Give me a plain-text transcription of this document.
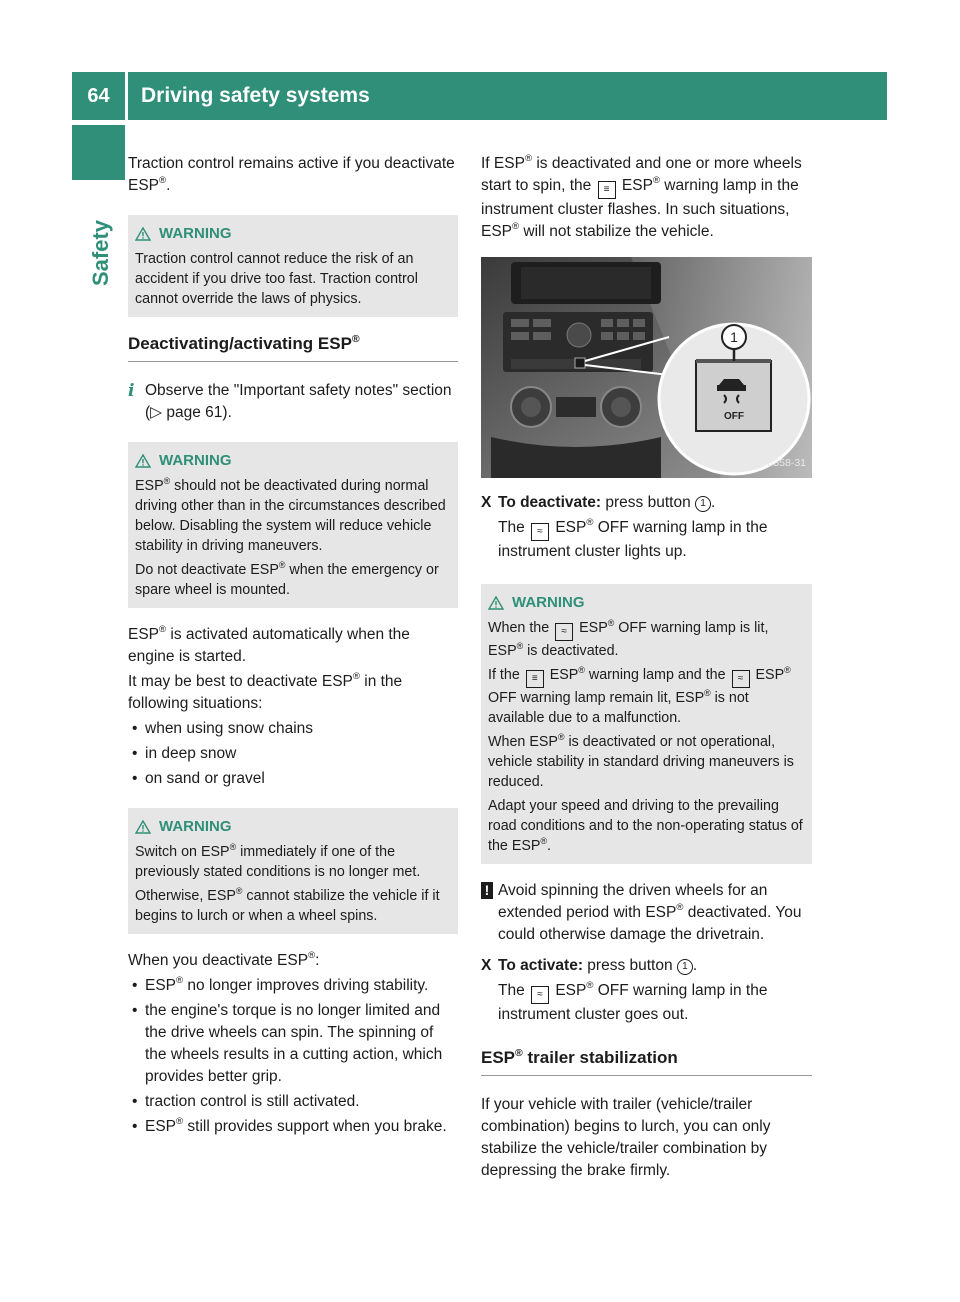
64	Driving safety systems
Safety

Traction control remains active if you deactivate ESP®.

WARNING

Traction control cannot reduce the risk of an accident if you drive too fast. Traction control cannot override the laws of physics.

Deactivating/activating ESP®
i Observe the "Important safety notes" section (▷ page 61).
WARNING

ESP® should not be deactivated during normal driving other than in the circumstances described below. Disabling the system will reduce vehicle stability in driving maneuvers.

Do not deactivate ESP® when the emergency or spare wheel is mounted.

ESP® is activated automatically when the engine is started.

It may be best to deactivate ESP® in the following situations:

• when using snow chains
• in deep snow
• on sand or gravel
WARNING

Switch on ESP® immediately if one of the previously stated conditions is no longer met.

Otherwise, ESP® cannot stabilize the vehicle if it begins to lurch or when a wheel spins.

When you deactivate ESP®:

• ESP® no longer improves driving stability.
• the engine's torque is no longer limited and the drive wheels can spin. The spinning of the wheels results in a cutting action, which provides better grip.
• traction control is still activated.
• ESP® still provides support when you brake.

If ESP® is deactivated and one or more wheels start to spin, the ≡ ESP® warning lamp in the instrument cluster flashes. In such situations, ESP® will not stabilize the vehicle.

OFF
1
P54.25-8558-31
X To deactivate: press button 1 .

The ≈ ESP® OFF warning lamp in the instrument cluster lights up.

WARNING

When the ≈ ESP® OFF warning lamp is lit, ESP® is deactivated.

If the ≡ ESP® warning lamp and the ≈ ESP® OFF warning lamp remain lit, ESP® is not available due to a malfunction.

When ESP® is deactivated or not operational, vehicle stability in standard driving maneuvers is reduced.

Adapt your speed and driving to the prevailing road conditions and to the non-operating status of the ESP®.

! Avoid spinning the driven wheels for an extended period with ESP® deactivated. You could otherwise damage the drivetrain.

X To activate: press button 1 .

The ≈ ESP® OFF warning lamp in the instrument cluster goes out.

ESP® trailer stabilization

If your vehicle with trailer (vehicle/trailer combination) begins to lurch, you can only stabilize the vehicle/trailer combination by depressing the brake firmly.
